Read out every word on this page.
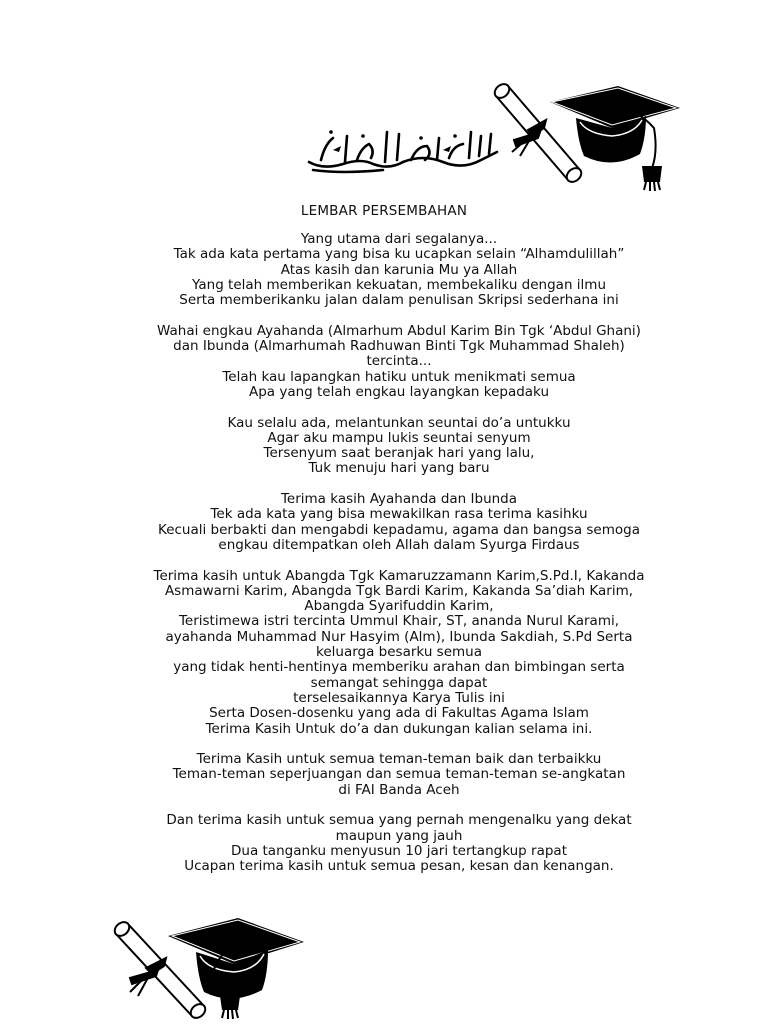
LEMBAR PERSEMBAHAN
Yang utama dari segalanya...
Tak ada kata pertama yang bisa ku ucapkan selain “Alhamdulillah”
Atas kasih dan karunia Mu ya Allah
Yang telah memberikan kekuatan, membekaliku dengan ilmu
Serta memberikanku jalan dalam penulisan Skripsi sederhana ini
Wahai engkau Ayahanda (Almarhum Abdul Karim Bin Tgk ‘Abdul Ghani)
dan Ibunda (Almarhumah Radhuwan Binti Tgk Muhammad Shaleh)
tercinta...
Telah kau lapangkan hatiku untuk menikmati semua
Apa yang telah engkau layangkan kepadaku
Kau selalu ada, melantunkan seuntai do’a untukku
Agar aku mampu lukis seuntai senyum
Tersenyum saat beranjak hari yang lalu,
Tuk menuju hari yang baru
Terima kasih Ayahanda dan Ibunda
Tek ada kata yang bisa mewakilkan rasa terima kasihku
Kecuali berbakti dan mengabdi kepadamu, agama dan bangsa semoga
engkau ditempatkan oleh Allah dalam Syurga Firdaus
Terima kasih untuk Abangda Tgk Kamaruzzamann Karim,S.Pd.I, Kakanda
Asmawarni Karim, Abangda Tgk Bardi Karim, Kakanda Sa’diah Karim,
Abangda Syarifuddin Karim,
Teristimewa istri tercinta Ummul Khair, ST, ananda Nurul Karami,
ayahanda Muhammad Nur Hasyim (Alm), Ibunda Sakdiah, S.Pd Serta
keluarga besarku semua
yang tidak henti-hentinya memberiku arahan dan bimbingan serta
semangat sehingga dapat
terselesaikannya Karya Tulis ini
Serta Dosen-dosenku yang ada di Fakultas Agama Islam
Terima Kasih Untuk do’a dan dukungan kalian selama ini.
Terima Kasih untuk semua teman-teman baik dan terbaikku
Teman-teman seperjuangan dan semua teman-teman se-angkatan
di FAI Banda Aceh
Dan terima kasih untuk semua yang pernah mengenalku yang dekat
maupun yang jauh
Dua tanganku menyusun 10 jari tertangkup rapat
Ucapan terima kasih untuk semua pesan, kesan dan kenangan.
